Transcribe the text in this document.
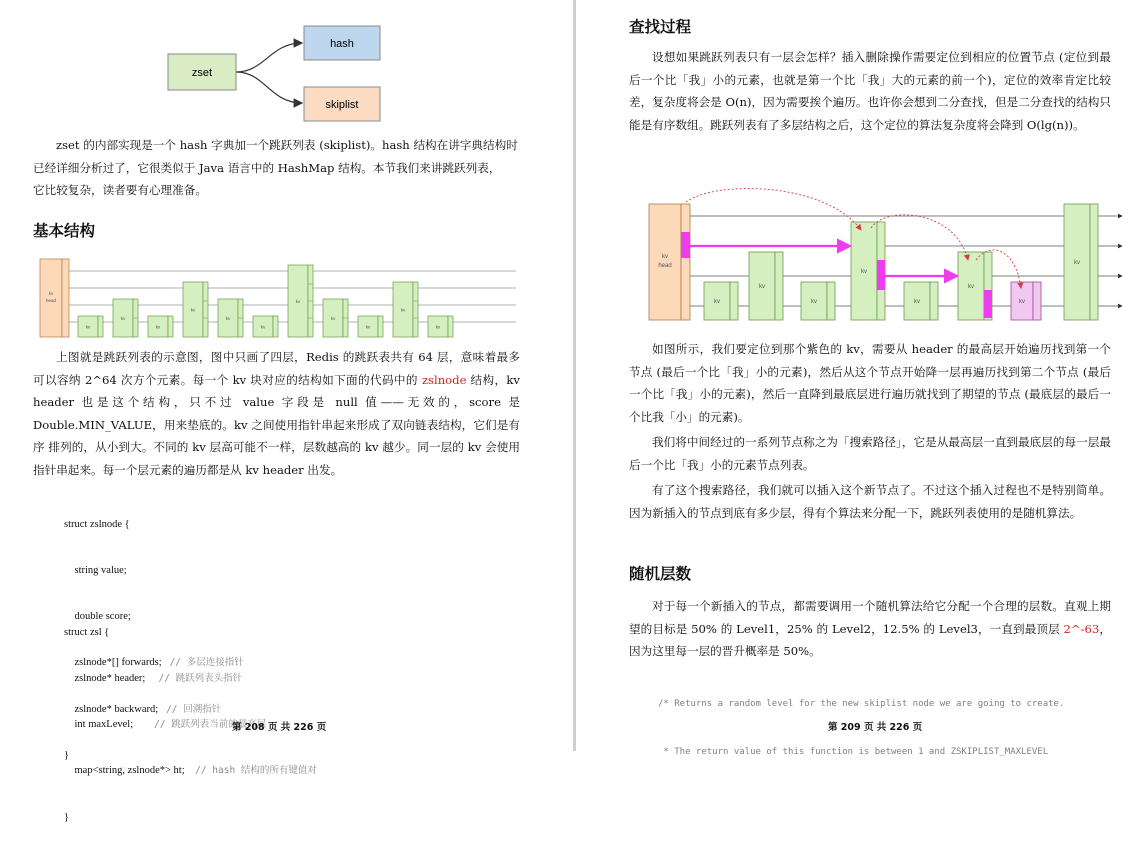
zset
hash
skiplist
zset 的内部实现是一个 hash 字典加一个跳跃列表 (skiplist)。hash 结构在讲字典结构时
已经详细分析过了，它很类似于 Java 语言中的 HashMap 结构。本节我们来讲跳跃列表，
它比较复杂，读者要有心理准备。
基本结构
kv
head
kv
kv
kv
kv
kv
kv
kv
kv
kv
kv
kv
上图就是跳跃列表的示意图，图中只画了四层，Redis 的跳跃表共有 64 层，意味着最多可以容纳 2^64 次方个元素。每一个 kv 块对应的结构如下面的代码中的 zslnode 结构，kv header 也是这个结构，只不过 value 字段是 null 值——无效的，score 是 Double.MIN_VALUE，用来垫底的。kv 之间使用指针串起来形成了双向链表结构，它们是有序 排列的，从小到大。不同的 kv 层高可能不一样，层数越高的 kv 越少。同一层的 kv 会使用指针串起来。每一个层元素的遍历都是从 kv header 出发。

struct zslnode {

string value;

double score;

zslnode*[] forwards;   // 多层连接指针

zslnode* backward;   // 回溯指针

}

struct zsl {

zslnode* header;     // 跳跃列表头指针

int maxLevel;        // 跳跃列表当前的最高层

map<string, zslnode*> ht;    // hash 结构的所有键值对

}

第 208 页 共 226 页
查找过程
设想如果跳跃列表只有一层会怎样？插入删除操作需要定位到相应的位置节点 (定位到最后一个比「我」小的元素，也就是第一个比「我」大的元素的前一个)，定位的效率肯定比较差，复杂度将会是 O(n)，因为需要挨个遍历。也许你会想到二分查找，但是二分查找的结构只能是有序数组。跳跃列表有了多层结构之后，这个定位的算法复杂度将会降到 O(lg(n))。
kv
head
kv
kv
kv
kv
kv
kv
kv
kv
如图所示，我们要定位到那个紫色的 kv，需要从 header 的最高层开始遍历找到第一个节点 (最后一个比「我」小的元素)，然后从这个节点开始降一层再遍历找到第二个节点 (最后一个比「我」小的元素)，然后一直降到最底层进行遍历就找到了期望的节点 (最底层的最后一个比我「小」的元素)。
我们将中间经过的一系列节点称之为「搜索路径」，它是从最高层一直到最底层的每一层最后一个比「我」小的元素节点列表。
有了这个搜索路径，我们就可以插入这个新节点了。不过这个插入过程也不是特别简单。因为新插入的节点到底有多少层，得有个算法来分配一下，跳跃列表使用的是随机算法。
随机层数
对于每一个新插入的节点，都需要调用一个随机算法给它分配一个合理的层数。直观上期望的目标是 50% 的 Level1，25% 的 Level2，12.5% 的 Level3，一直到最顶层 2^-63，因为这里每一层的晋升概率是 50%。

/* Returns a random level for the new skiplist node we are going to create.

* The return value of this function is between 1 and ZSKIPLIST_MAXLEVEL

第 209 页 共 226 页
